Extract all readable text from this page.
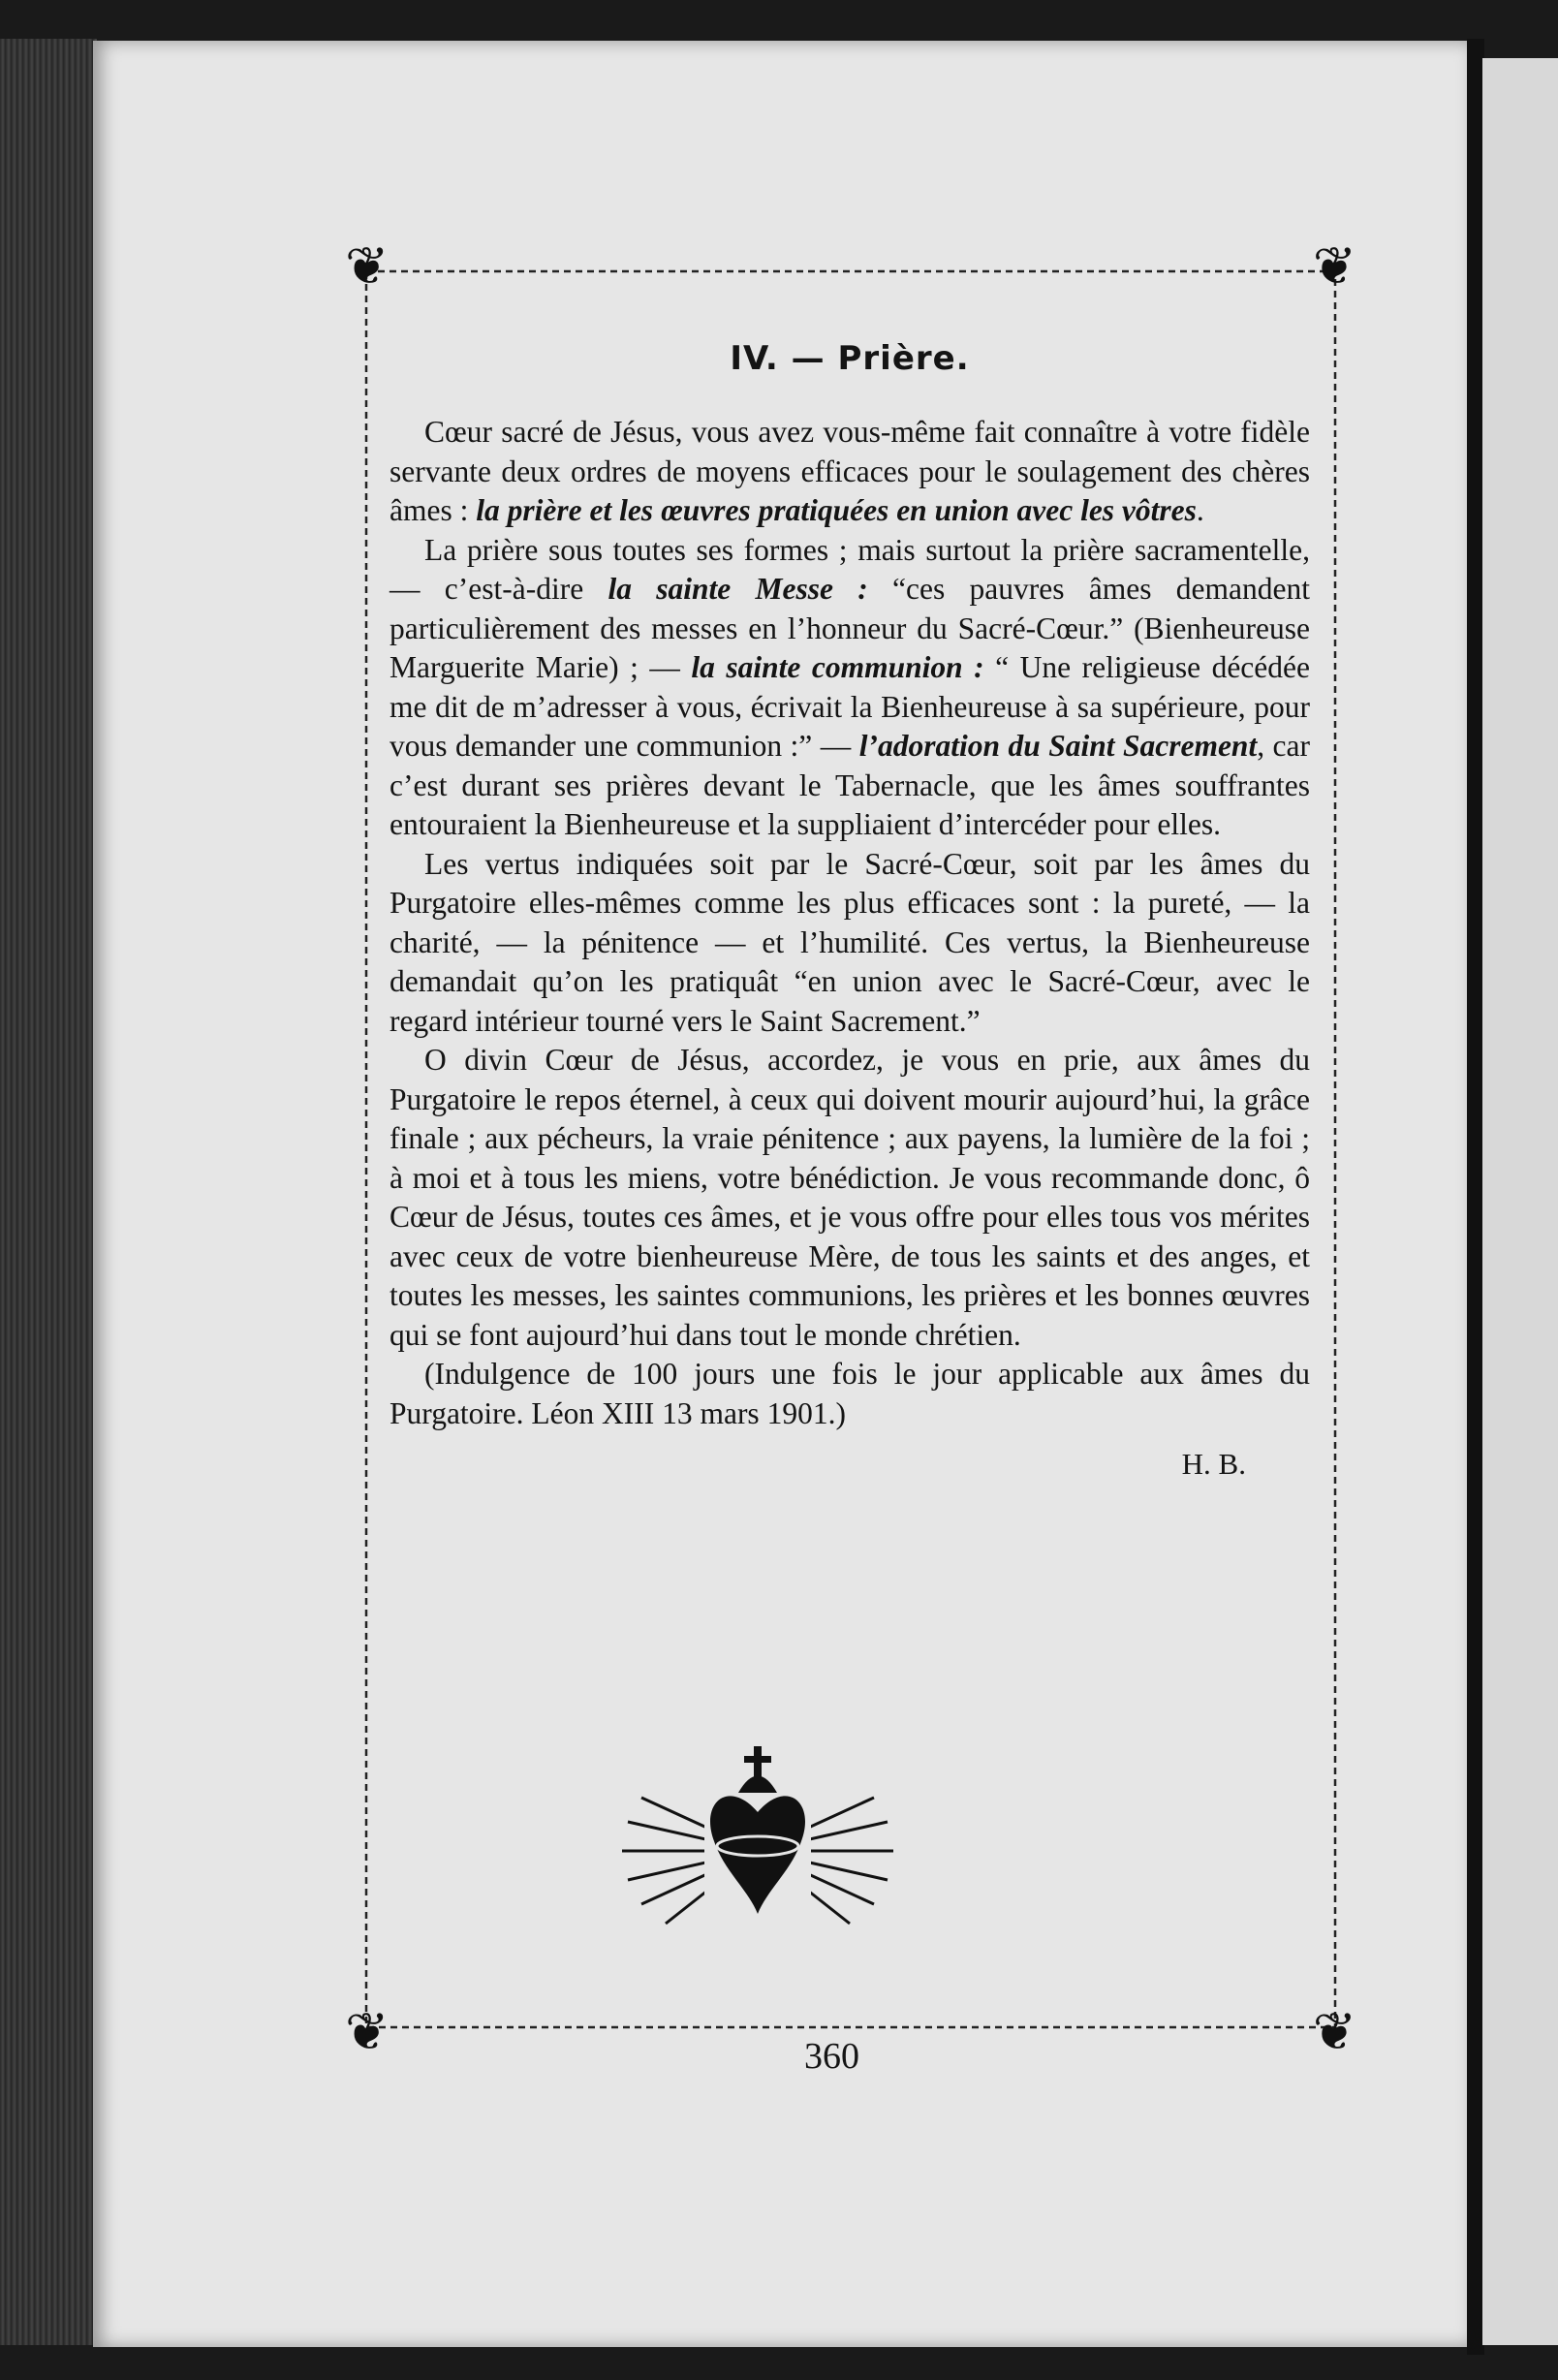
❦	❦
❦	❦
IV. — Prière.

Cœur sacré de Jésus, vous avez vous-même fait connaître à votre fidèle servante deux ordres de moyens efficaces pour le soulagement des chères âmes : la prière et les œuvres pratiquées en union avec les vôtres.

La prière sous toutes ses formes ; mais surtout la prière sacramentelle, — c’est-à-dire la sainte Messe : “ces pauvres âmes demandent particulièrement des messes en l’honneur du Sacré-Cœur.” (Bienheureuse Marguerite Marie) ; — la sainte communion : “ Une religieuse décédée me dit de m’adresser à vous, écrivait la Bienheureuse à sa supérieure, pour vous demander une communion :” — l’adoration du Saint Sacrement, car c’est durant ses prières devant le Tabernacle, que les âmes souffrantes entouraient la Bienheureuse et la suppliaient d’intercéder pour elles.

Les vertus indiquées soit par le Sacré-Cœur, soit par les âmes du Purgatoire elles-mêmes comme les plus efficaces sont : la pureté, — la charité, — la pénitence — et l’humilité. Ces vertus, la Bienheureuse demandait qu’on les pratiquât “en union avec le Sacré-Cœur, avec le regard intérieur tourné vers le Saint Sacrement.”

O divin Cœur de Jésus, accordez, je vous en prie, aux âmes du Purgatoire le repos éternel, à ceux qui doivent mourir aujourd’hui, la grâce finale ; aux pécheurs, la vraie pénitence ; aux payens, la lumière de la foi ; à moi et à tous les miens, votre bénédiction. Je vous recommande donc, ô Cœur de Jésus, toutes ces âmes, et je vous offre pour elles tous vos mérites avec ceux de votre bienheureuse Mère, de tous les saints et des anges, et toutes les messes, les saintes communions, les prières et les bonnes œuvres qui se font aujourd’hui dans tout le monde chrétien.

(Indulgence de 100 jours une fois le jour applicable aux âmes du Purgatoire. Léon XIII 13 mars 1901.)

H. B.
360
